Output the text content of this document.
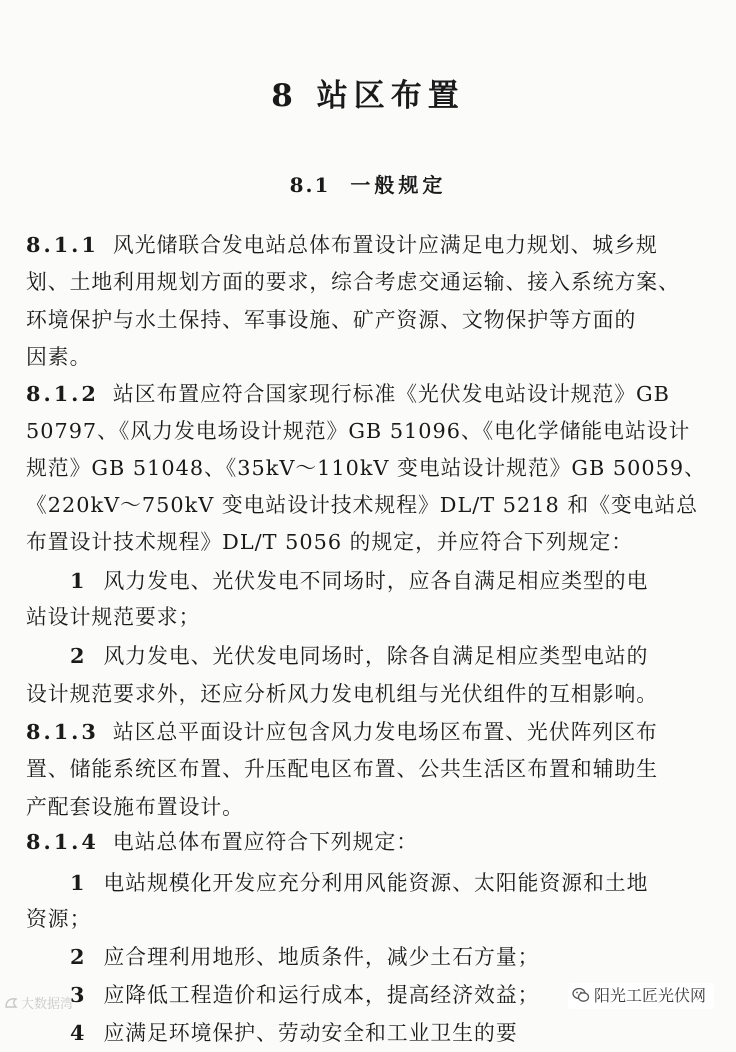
8 站区布置
8.1 一般规定
8.1.1 风光储联合发电站总体布置设计应满足电力规划、城乡规
划、土地利用规划方面的要求，综合考虑交通运输、接入系统方案、
环境保护与水土保持、军事设施、矿产资源、文物保护等方面的
因素。
8.1.2 站区布置应符合国家现行标准《光伏发电站设计规范》GB
50797、《风力发电场设计规范》GB 51096、《电化学储能电站设计
规范》GB 51048、《35kV～110kV 变电站设计规范》GB 50059、
《220kV～750kV 变电站设计技术规程》DL/T 5218 和《变电站总
布置设计技术规程》DL/T 5056 的规定，并应符合下列规定：
1 风力发电、光伏发电不同场时，应各自满足相应类型的电
站设计规范要求；
2 风力发电、光伏发电同场时，除各自满足相应类型电站的
设计规范要求外，还应分析风力发电机组与光伏组件的互相影响。
8.1.3 站区总平面设计应包含风力发电场区布置、光伏阵列区布
置、储能系统区布置、升压配电区布置、公共生活区布置和辅助生
产配套设施布置设计。
8.1.4 电站总体布置应符合下列规定：
1 电站规模化开发应充分利用风能资源、太阳能资源和土地
资源；
2 应合理利用地形、地质条件，减少土石方量；
3 应降低工程造价和运行成本，提高经济效益；
4 应满足环境保护、劳动安全和工业卫生的要
大数据湾	阳光工匠光伏网
